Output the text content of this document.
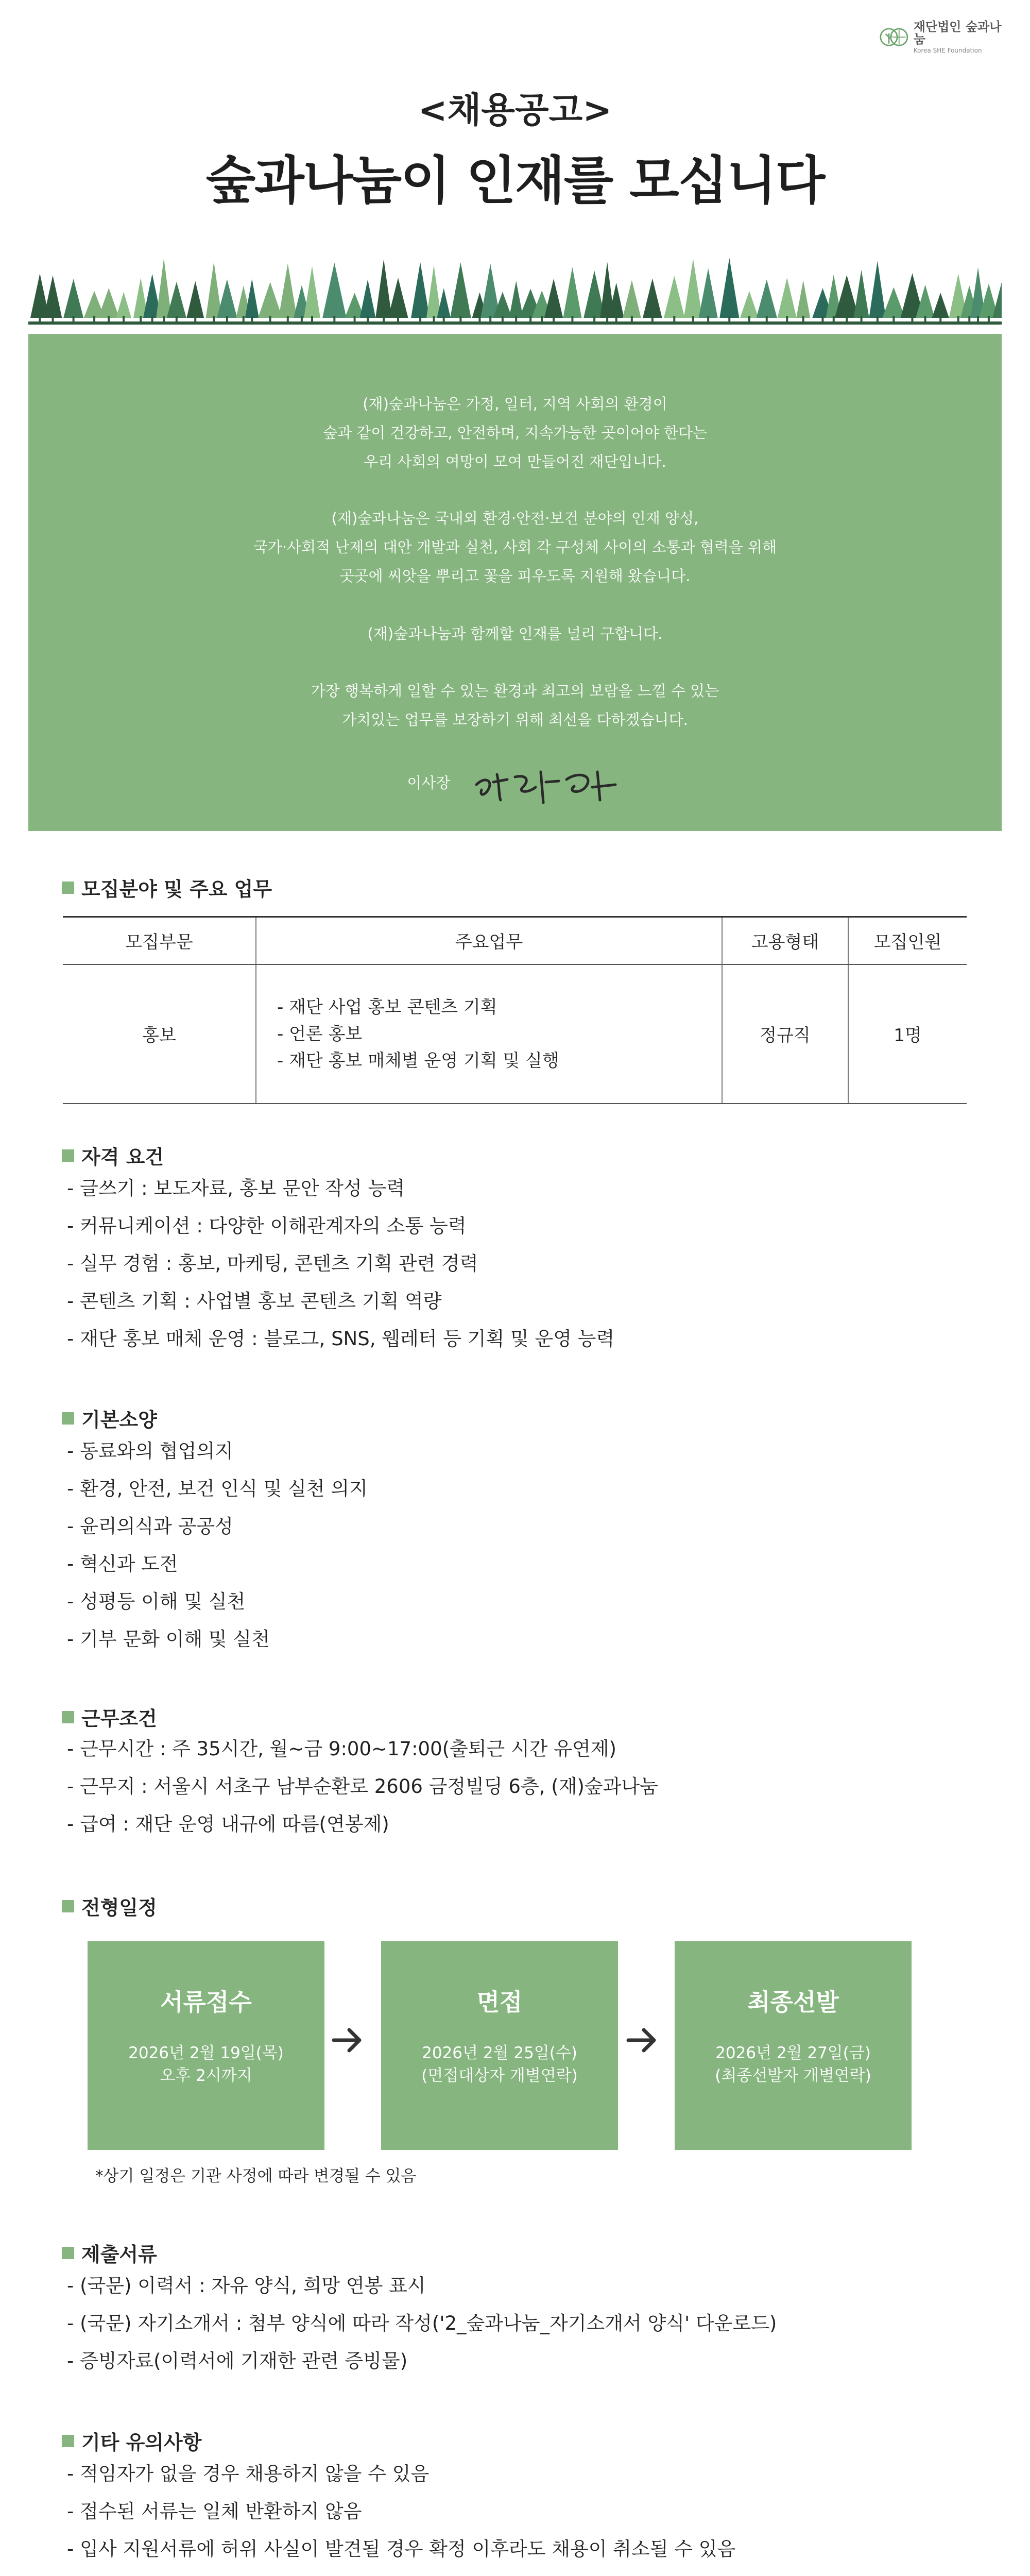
재단법인 숲과나눔
Korea SHE Foundation
<채용공고>
숲과나눔이 인재를 모십니다

(재)숲과나눔은 가정, 일터, 지역 사회의 환경이
숲과 같이 건강하고, 안전하며, 지속가능한 곳이어야 한다는
우리 사회의 여망이 모여 만들어진 재단입니다.

(재)숲과나눔은 국내외 환경·안전·보건 분야의 인재 양성,
국가·사회적 난제의 대안 개발과 실천, 사회 각 구성체 사이의 소통과 협력을 위해
곳곳에 씨앗을 뿌리고 꽃을 피우도록 지원해 왔습니다.

(재)숲과나눔과 함께할 인재를 널리 구합니다.

가장 행복하게 일할 수 있는 환경과 최고의 보람을 느낄 수 있는
가치있는 업무를 보장하기 위해 최선을 다하겠습니다.

이사장
모집분야 및 주요 업무
모집부문	주요업무	고용형태	모집인원
홍보	- 재단 사업 홍보 콘텐츠 기획
- 언론 홍보
- 재단 홍보 매체별 운영 기획 및 실행	정규직	1명
자격 요건
- 글쓰기 : 보도자료, 홍보 문안 작성 능력
- 커뮤니케이션 : 다양한 이해관계자의 소통 능력
- 실무 경험 : 홍보, 마케팅, 콘텐츠 기획 관련 경력
- 콘텐츠 기획 : 사업별 홍보 콘텐츠 기획 역량
- 재단 홍보 매체 운영 : 블로그, SNS, 웹레터 등 기획 및 운영 능력
기본소양
- 동료와의 협업의지
- 환경, 안전, 보건 인식 및 실천 의지
- 윤리의식과 공공성
- 혁신과 도전
- 성평등 이해 및 실천
- 기부 문화 이해 및 실천
근무조건
- 근무시간 : 주 35시간, 월~금 9:00~17:00(출퇴근 시간 유연제)
- 근무지 : 서울시 서초구 남부순환로 2606 금정빌딩 6층, (재)숲과나눔
- 급여 : 재단 운영 내규에 따름(연봉제)
전형일정
서류접수
2026년 2월 19일(목)
오후 2시까지
면접
2026년 2월 25일(수)
(면접대상자 개별연락)
최종선발
2026년 2월 27일(금)
(최종선발자 개별연락)
*상기 일정은 기관 사정에 따라 변경될 수 있음
제출서류
- (국문) 이력서 : 자유 양식, 희망 연봉 표시
- (국문) 자기소개서 : 첨부 양식에 따라 작성('2_숲과나눔_자기소개서 양식' 다운로드)
- 증빙자료(이력서에 기재한 관련 증빙물)
기타 유의사항
- 적임자가 없을 경우 채용하지 않을 수 있음
- 접수된 서류는 일체 반환하지 않음
- 입사 지원서류에 허위 사실이 발견될 경우 확정 이후라도 채용이 취소될 수 있음
